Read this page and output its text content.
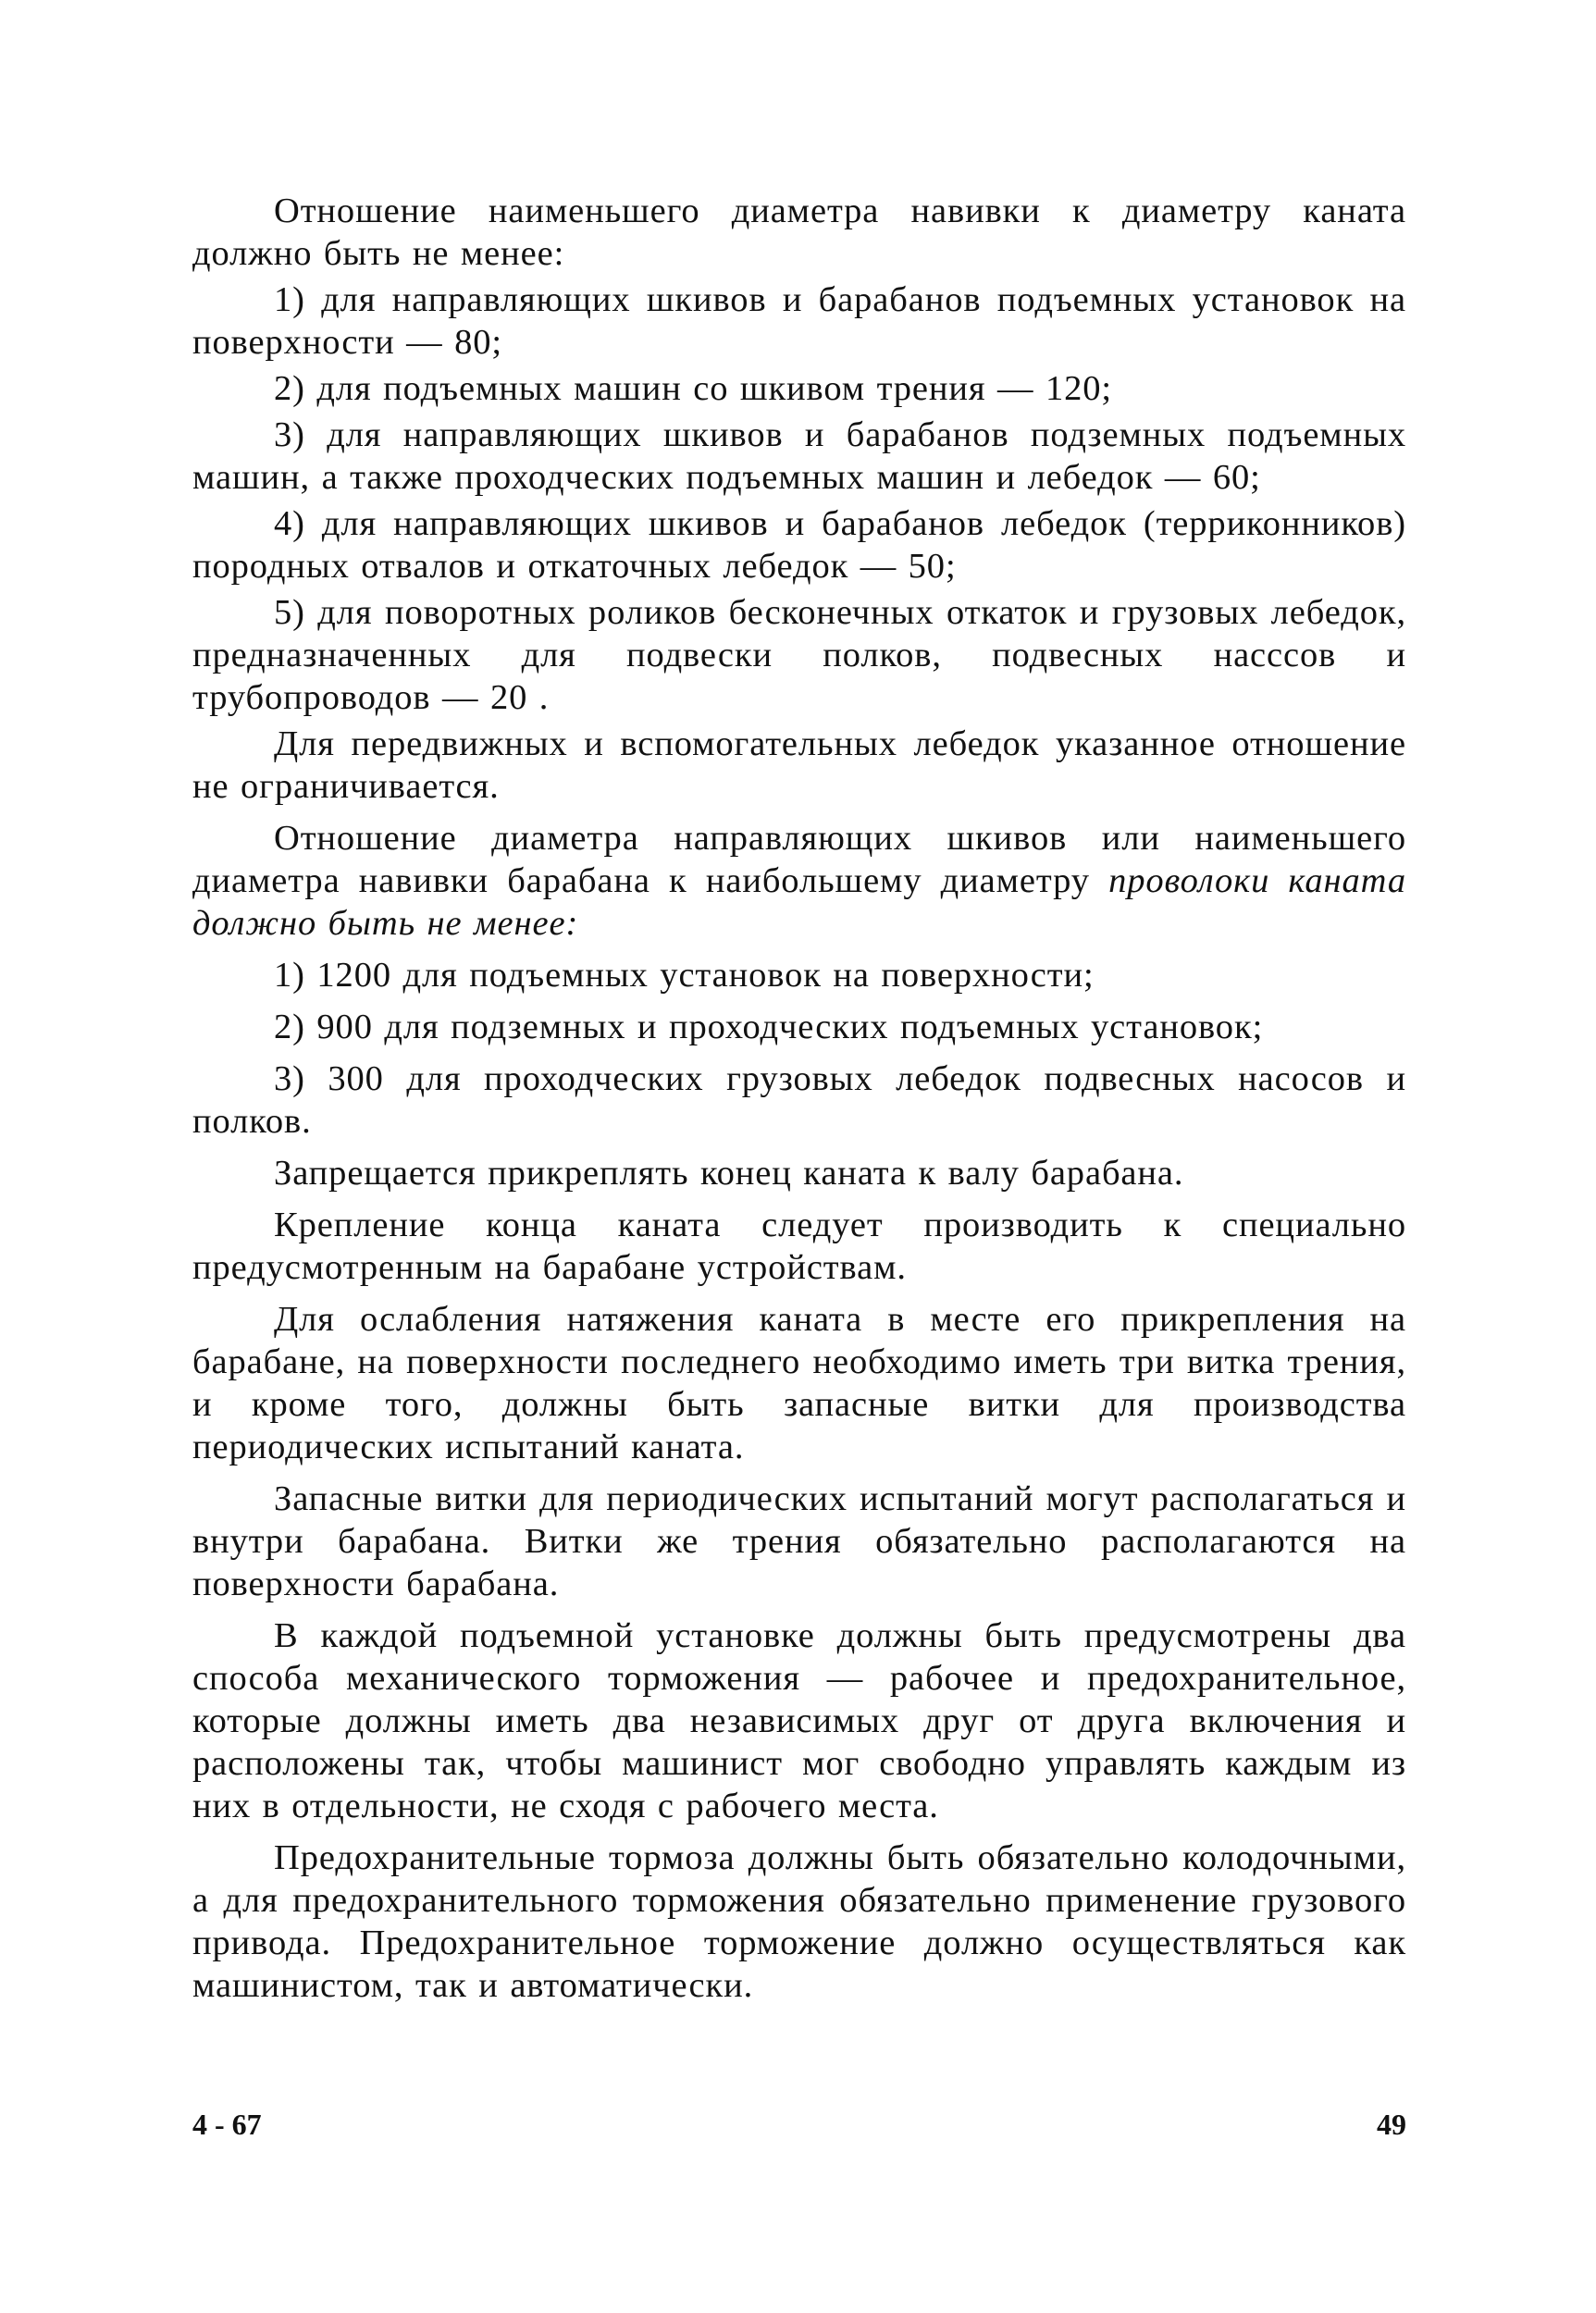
Отношение наименьшего диаметра навивки к диаметру каната должно быть не менее:

1) для направляющих шкивов и барабанов подъемных установок на поверхности — 80;

2) для подъемных машин со шкивом трения — 120;

3) для направляющих шкивов и барабанов подземных подъемных машин, а также проходческих подъемных машин и лебедок — 60;

4) для направляющих шкивов и барабанов лебедок (терриконников) породных отвалов и откаточных лебедок — 50;

5) для поворотных роликов бесконечных откаток и грузовых лебедок, предназначенных для подвески полков, подвесных насссов и трубопроводов — 20 .

Для передвижных и вспомогательных лебедок указанное отношение не ограничивается.

Отношение диаметра направляющих шкивов или наименьшего диаметра навивки барабана к наибольшему диаметру проволоки каната должно быть не менее:

1) 1200 для подъемных установок на поверхности;

2) 900 для подземных и проходческих подъемных установок;

3) 300 для проходческих грузовых лебедок подвесных насосов и полков.

Запрещается прикреплять конец каната к валу барабана.

Крепление конца каната следует производить к специально предусмотренным на барабане устройствам.

Для ослабления натяжения каната в месте его прикрепления на барабане, на поверхности последнего необходимо иметь три витка трения, и кроме того, должны быть запасные витки для производства периодических испытаний каната.

Запасные витки для периодических испытаний могут располагаться и внутри барабана. Витки же трения обязательно располагаются на поверхности барабана.

В каждой подъемной установке должны быть предусмотрены два способа механического торможения — рабочее и предохранительное, которые должны иметь два независимых друг от друга включения и расположены так, чтобы машинист мог свободно управлять каждым из них в отдельности, не сходя с рабочего места.

Предохранительные тормоза должны быть обязательно колодочными, а для предохранительного торможения обязательно применение грузового привода. Предохранительное торможение должно осуществляться как машинистом, так и автоматически.

4 - 67	49
